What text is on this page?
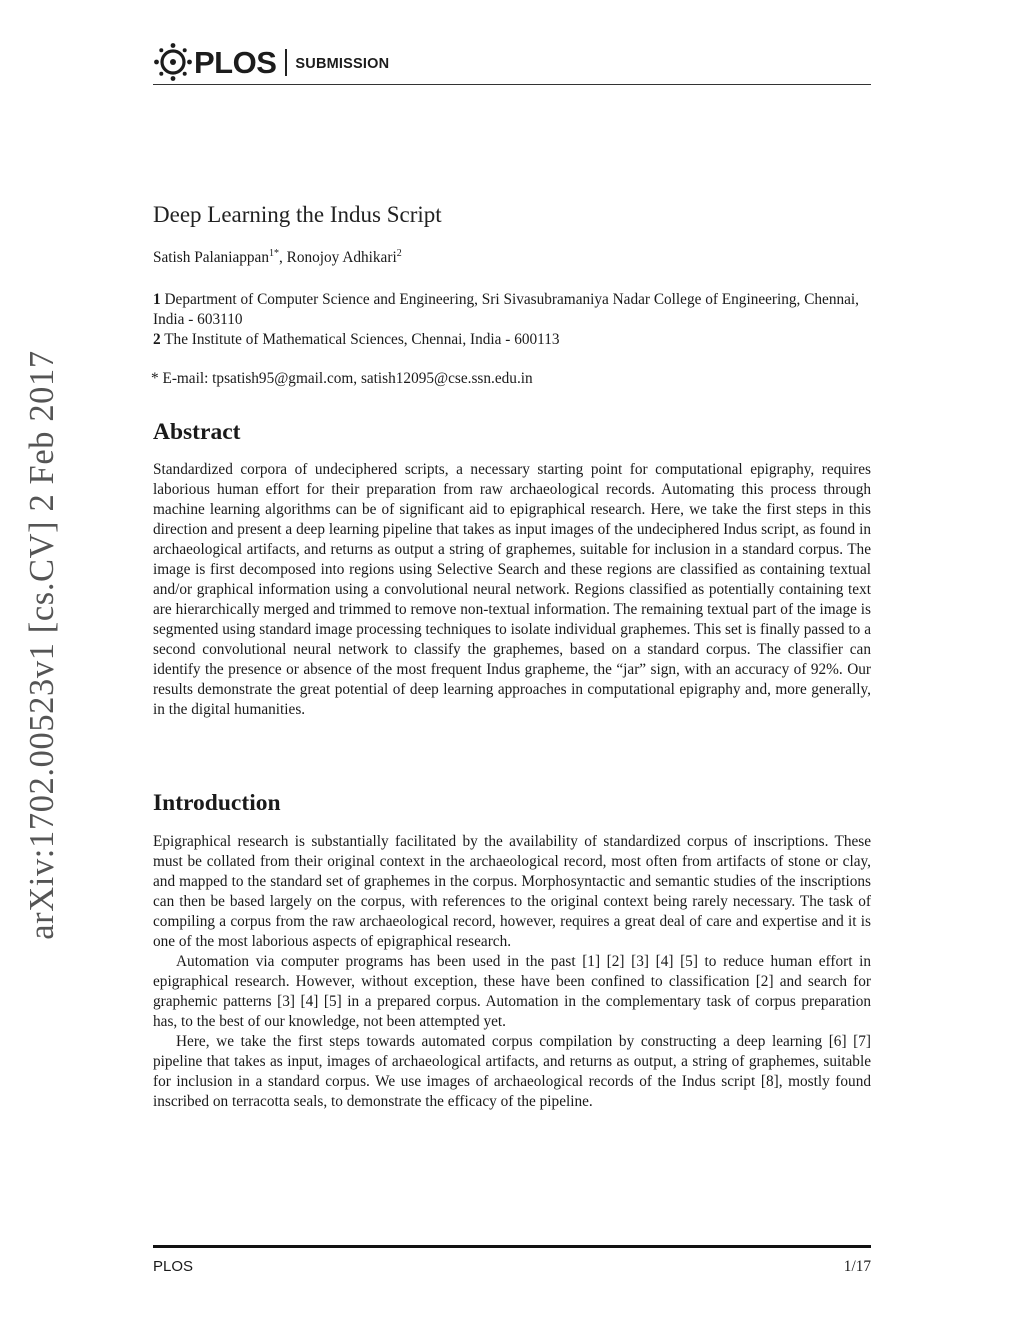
PLOS SUBMISSION
arXiv:1702.00523v1 [cs.CV] 2 Feb 2017
Deep Learning the Indus Script
Satish Palaniappan$^{1*}$, Ronojoy Adhikari$^2$
1 Department of Computer Science and Engineering, Sri Sivasubramaniya Nadar College of Engineering, Chennai, India - 603110
2 The Institute of Mathematical Sciences, Chennai, India - 600113
* E-mail: tpsatish95@gmail.com, satish12095@cse.ssn.edu.in
Abstract

Standardized corpora of undeciphered scripts, a necessary starting point for computational epigraphy, requires laborious human effort for their preparation from raw archaeological records. Automating this process through machine learning algorithms can be of significant aid to epigraphical research. Here, we take the first steps in this direction and present a deep learning pipeline that takes as input images of the undeciphered Indus script, as found in archaeological artifacts, and returns as output a string of graphemes, suitable for inclusion in a standard corpus. The image is first decomposed into regions using Selective Search and these regions are classified as containing textual and/or graphical information using a convolutional neural network. Regions classified as potentially containing text are hierarchically merged and trimmed to remove non-textual information. The remaining textual part of the image is segmented using standard image processing techniques to isolate individual graphemes. This set is finally passed to a second convolutional neural network to classify the graphemes, based on a standard corpus. The classifier can identify the presence or absence of the most frequent Indus grapheme, the “jar” sign, with an accuracy of 92%. Our results demonstrate the great potential of deep learning approaches in computational epigraphy and, more generally, in the digital humanities.

Introduction

Epigraphical research is substantially facilitated by the availability of standardized corpus of inscriptions. These must be collated from their original context in the archaeological record, most often from artifacts of stone or clay, and mapped to the standard set of graphemes in the corpus. Morphosyntactic and semantic studies of the inscriptions can then be based largely on the corpus, with references to the original context being rarely necessary. The task of compiling a corpus from the raw archaeological record, however, requires a great deal of care and expertise and it is one of the most laborious aspects of epigraphical research.

Automation via computer programs has been used in the past [1] [2] [3] [4] [5] to reduce human effort in epigraphical research. However, without exception, these have been confined to classification [2] and search for graphemic patterns [3] [4] [5] in a prepared corpus. Automation in the complementary task of corpus preparation has, to the best of our knowledge, not been attempted yet.

Here, we take the first steps towards automated corpus compilation by constructing a deep learning [6] [7] pipeline that takes as input, images of archaeological artifacts, and returns as output, a string of graphemes, suitable for inclusion in a standard corpus. We use images of archaeological records of the Indus script [8], mostly found inscribed on terracotta seals, to demonstrate the efficacy of the pipeline.

PLOS	1/17
